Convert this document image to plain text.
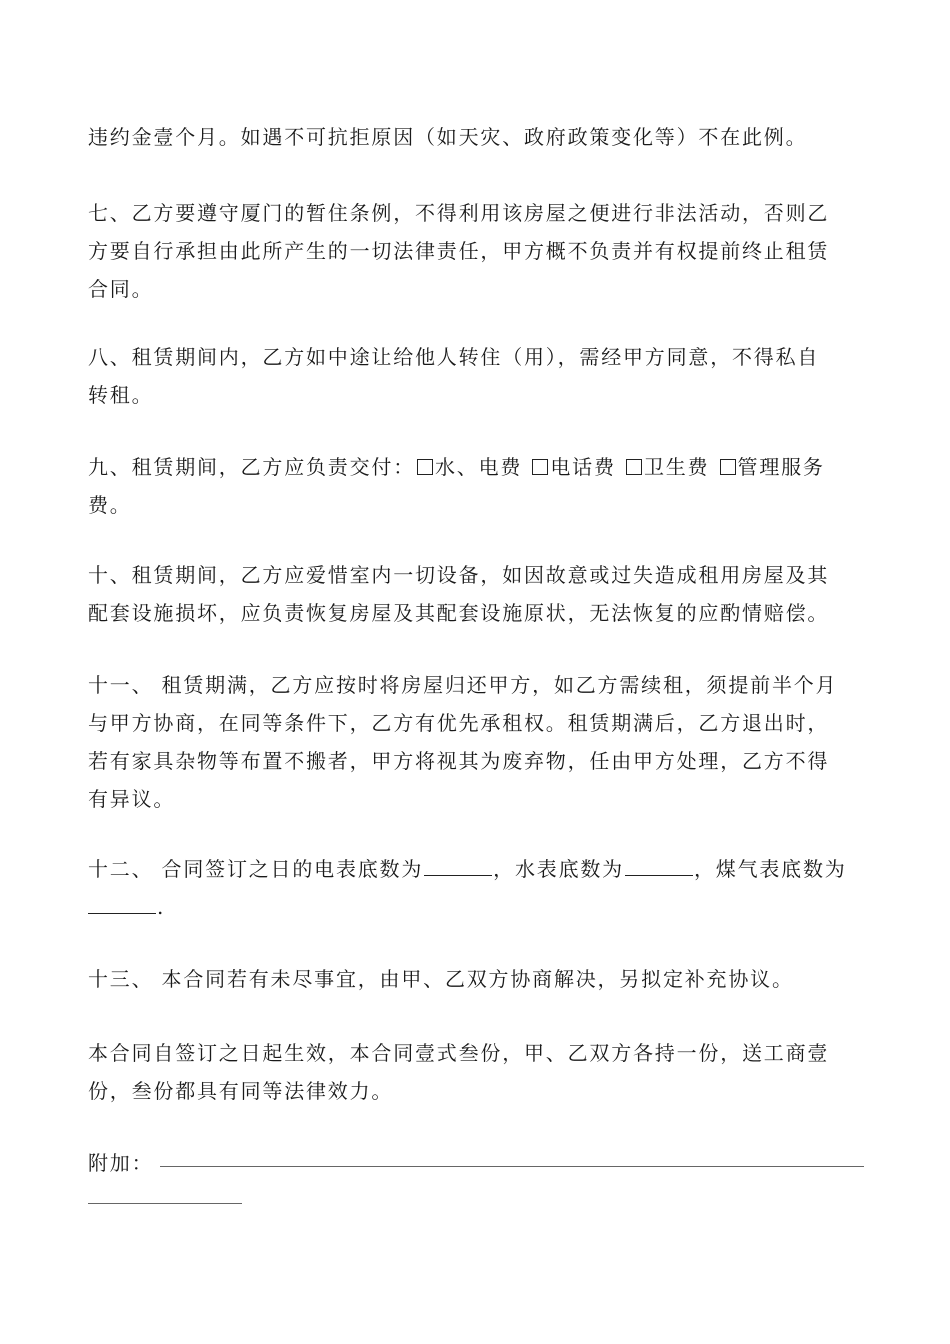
违约金壹个月。如遇不可抗拒原因（如天灾、政府政策变化等）不在此例。

七、乙方要遵守厦门的暂住条例，不得利用该房屋之便进行非法活动，否则乙
方要自行承担由此所产生的一切法律责任，甲方概不负责并有权提前终止租赁
合同。

八、租赁期间内，乙方如中途让给他人转住（用），需经甲方同意，不得私自
转租。

九、租赁期间，乙方应负责交付： 水、电费 电话费 卫生费 管理服务
费。

十、租赁期间，乙方应爱惜室内一切设备，如因故意或过失造成租用房屋及其
配套设施损坏，应负责恢复房屋及其配套设施原状，无法恢复的应酌情赔偿。

十一、 租赁期满，乙方应按时将房屋归还甲方，如乙方需续租，须提前半个月
与甲方协商，在同等条件下，乙方有优先承租权。租赁期满后，乙方退出时，
若有家具杂物等布置不搬者，甲方将视其为废弃物，任由甲方处理，乙方不得
有异议。

十二、 合同签订之日的电表底数为	，水表底数为	，煤气表底数为
.

十三、 本合同若有未尽事宜，由甲、乙双方协商解决，另拟定补充协议。

本合同自签订之日起生效，本合同壹式叁份，甲、乙双方各持一份，送工商壹
份，叁份都具有同等法律效力。

附加：
